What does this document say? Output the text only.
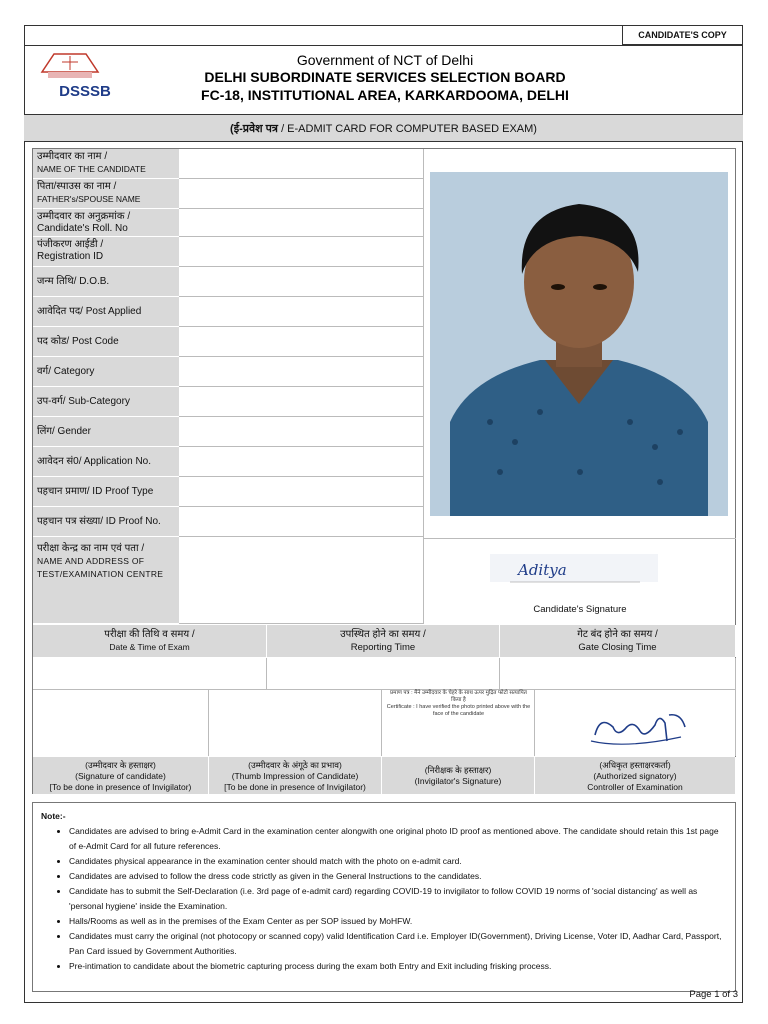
CANDIDATE'S COPY
DSSSB
Government of NCT of Delhi
DELHI SUBORDINATE SERVICES SELECTION BOARD
FC-18, INSTITUTIONAL AREA, KARKARDOOMA, DELHI
(ई-प्रवेश पत्र / E-ADMIT CARD FOR COMPUTER BASED EXAM)
उम्मीदवार का नाम /
NAME OF THE CANDIDATE
पिता/स्पाउस का नाम /
FATHER's/SPOUSE NAME
उम्मीदवार का अनुक्रमांक /
Candidate's Roll. No
पंजीकरण आईडी /
Registration ID
जन्म तिथि / D.O.B.
आवेदित पद / Post Applied
पद कोड / Post Code
वर्ग / Category
उप-वर्ग / Sub-Category
लिंग / Gender
आवेदन सं0 / Application No.
पहचान प्रमाण / ID Proof Type
पहचान पत्र संख्या / ID Proof No.
परीक्षा केन्द्र का नाम एवं पता /
NAME AND ADDRESS OF TEST/EXAMINATION CENTRE	Aditya
Candidate's Signature
परीक्षा की तिथि व समय /
Date & Time of Exam
उपस्थित होने का समय /
Reporting Time
गेट बंद होने का समय /
Gate Closing Time
प्रमाण पत्र : मैंने उम्मीदवार के चेहरे के साथ ऊपर मुद्रित फोटो सत्यापित किया है
Certificate : I have verified the photo printed above with the face of the candidate
(उम्मीदवार के हस्ताक्षर)
(Signature of candidate)
[To be done in presence of Invigilator)
(उम्मीदवार के अंगूठे का प्रभाव)
(Thumb Impression of Candidate)
[To be done in presence of Invigilator)
(निरीक्षक के हस्ताक्षर)
(Invigilator's Signature)
(अधिकृत हस्ताक्षरकर्ता)
(Authorized signatory)
Controller of Examination
Note:-
• Candidates are advised to bring e-Admit Card in the examination center alongwith one original photo ID proof as mentioned above. The candidate should retain this 1st page of e-Admit Card for all future references.
• Candidates physical appearance in the examination center should match with the photo on e-admit card.
• Candidates are advised to follow the dress code strictly as given in the General Instructions to the candidates.
• Candidate has to submit the Self-Declaration (i.e. 3rd page of e-admit card) regarding COVID-19 to invigilator to follow COVID 19 norms of 'social distancing' as well as 'personal hygiene' inside the Examination.
• Halls/Rooms as well as in the premises of the Exam Center as per SOP issued by MoHFW.
• Candidates must carry the original (not photocopy or scanned copy) valid Identification Card i.e. Employer ID(Government), Driving License, Voter ID, Aadhar Card, Passport, Pan Card issued by Government Authorities.
• Pre-intimation to candidate about the biometric capturing process during the exam both Entry and Exit including frisking process.
Page 1 of 3
